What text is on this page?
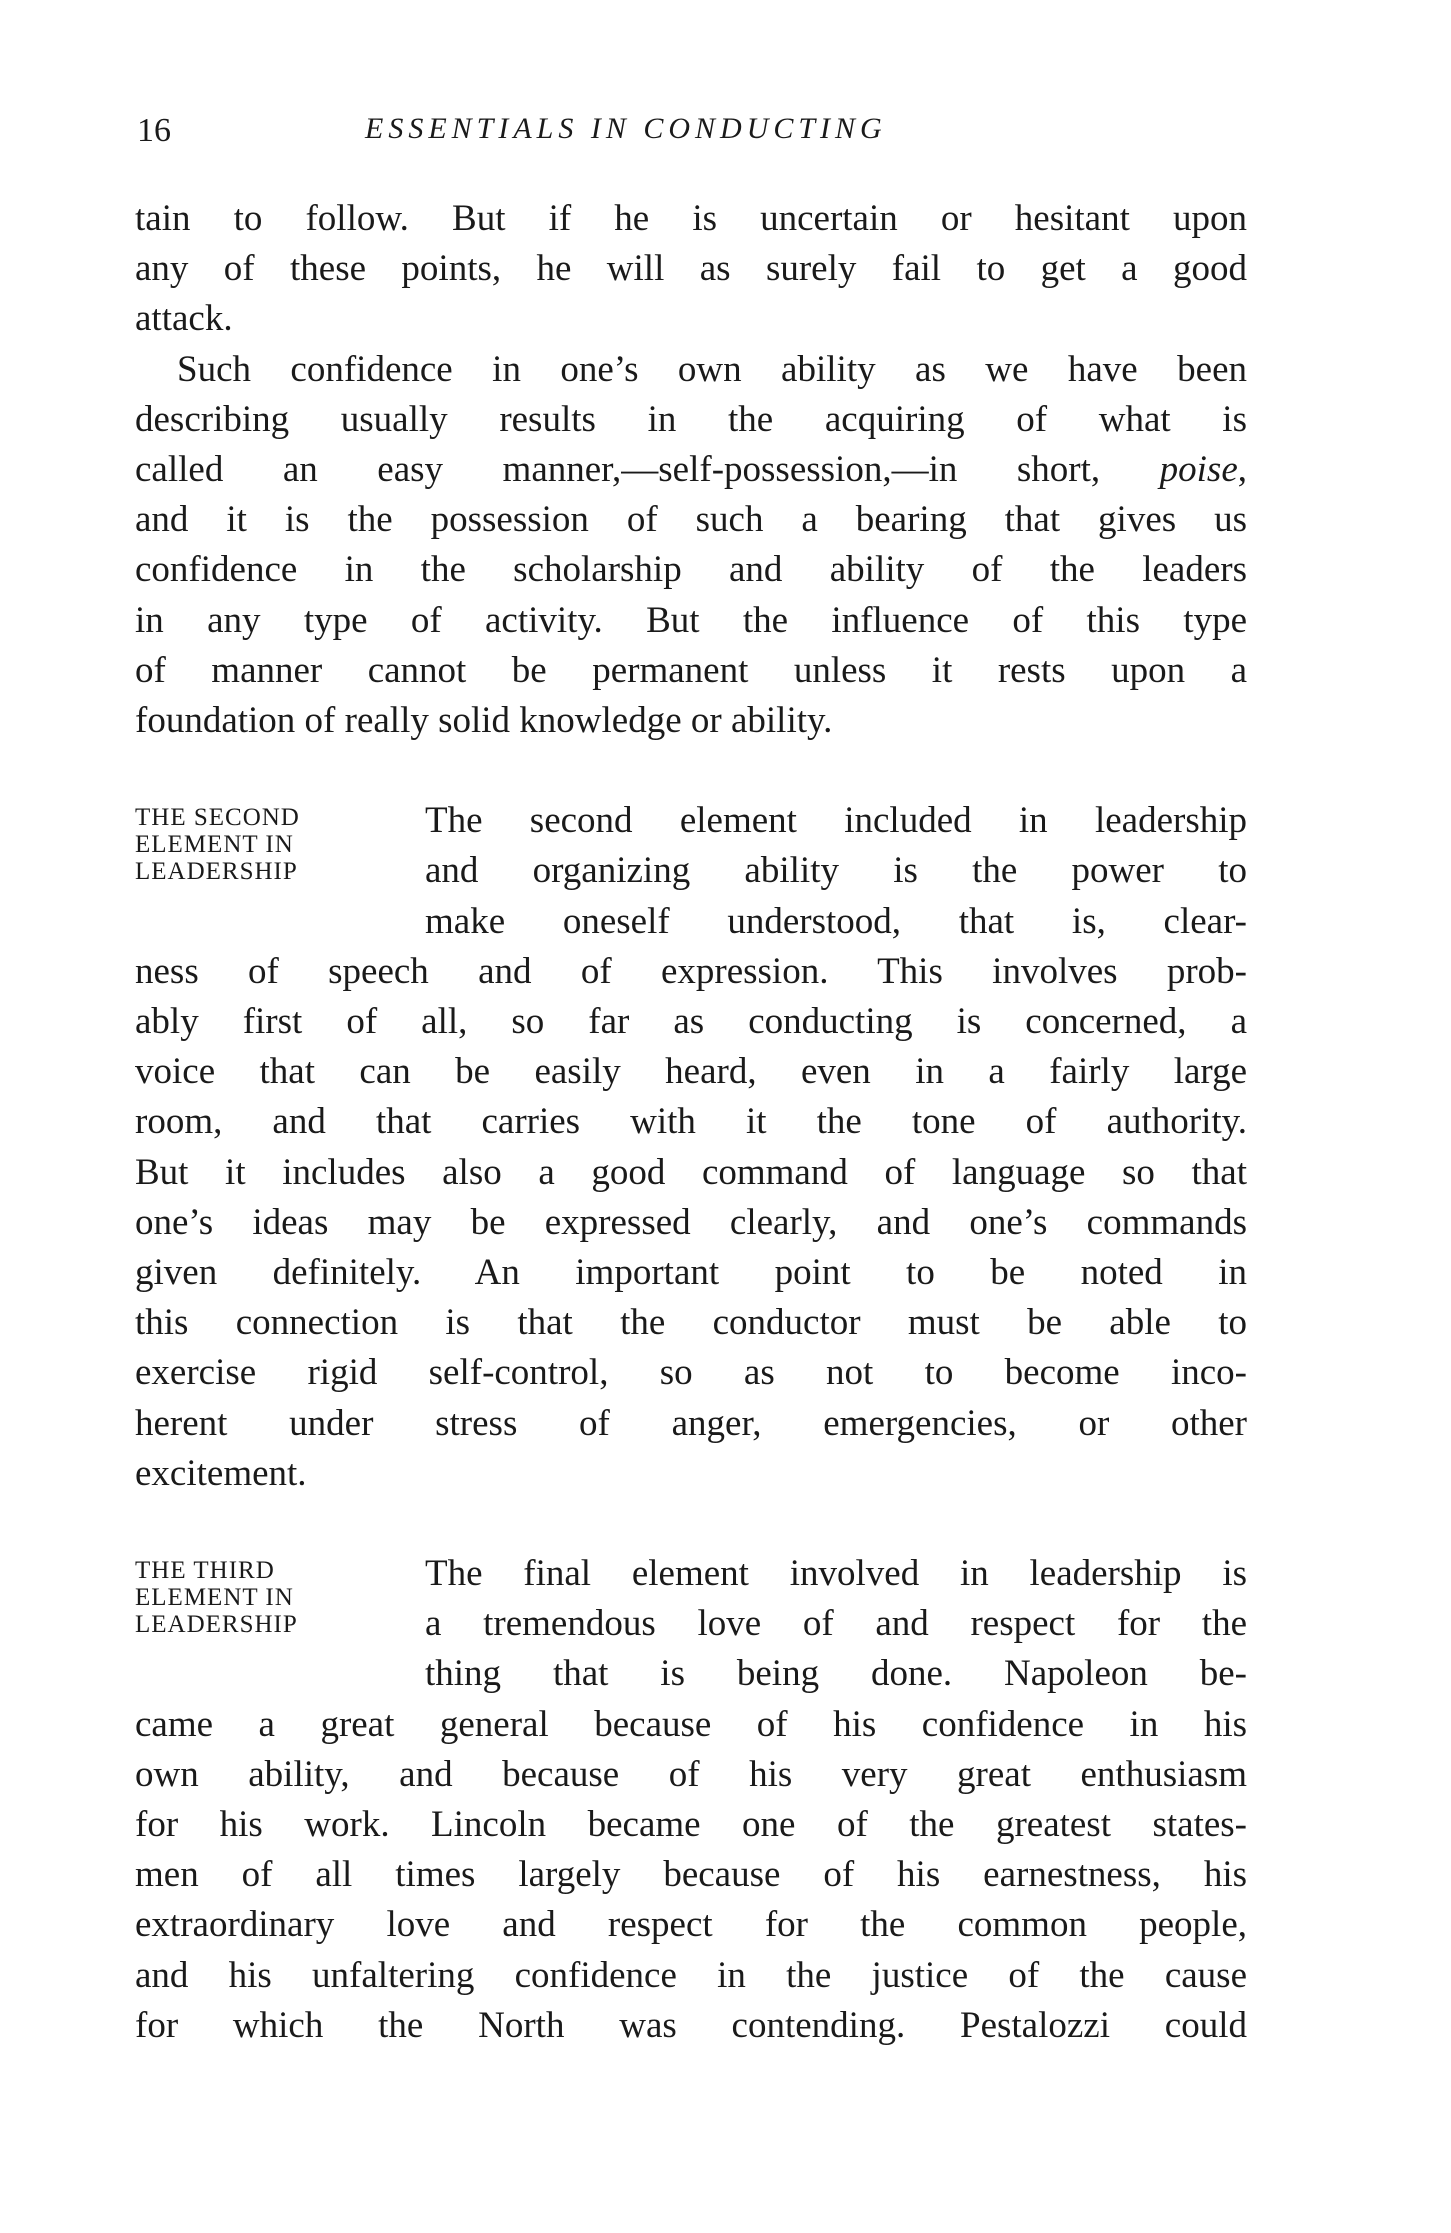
16	ESSENTIALS IN CONDUCTING
tain to follow. But if he is uncertain or hesitant upon
any of these points, he will as surely fail to get a good
attack.
Such confidence in one’s own ability as we have been
describing usually results in the acquiring of what is
called an easy manner,—self-possession,—in short, poise,
and it is the possession of such a bearing that gives us
confidence in the scholarship and ability of the leaders
in any type of activity. But the influence of this type
of manner cannot be permanent unless it rests upon a
foundation of really solid knowledge or ability.
THE SECOND
ELEMENT IN
LEADERSHIP
The second element included in leadership
and organizing ability is the power to
make oneself understood, that is, clear-
ness of speech and of expression. This involves prob-
ably first of all, so far as conducting is concerned, a
voice that can be easily heard, even in a fairly large
room, and that carries with it the tone of authority.
But it includes also a good command of language so that
one’s ideas may be expressed clearly, and one’s commands
given definitely. An important point to be noted in
this connection is that the conductor must be able to
exercise rigid self-control, so as not to become inco-
herent under stress of anger, emergencies, or other
excitement.
THE THIRD
ELEMENT IN
LEADERSHIP
The final element involved in leadership is
a tremendous love of and respect for the
thing that is being done. Napoleon be-
came a great general because of his confidence in his
own ability, and because of his very great enthusiasm
for his work. Lincoln became one of the greatest states-
men of all times largely because of his earnestness, his
extraordinary love and respect for the common people,
and his unfaltering confidence in the justice of the cause
for which the North was contending. Pestalozzi could
